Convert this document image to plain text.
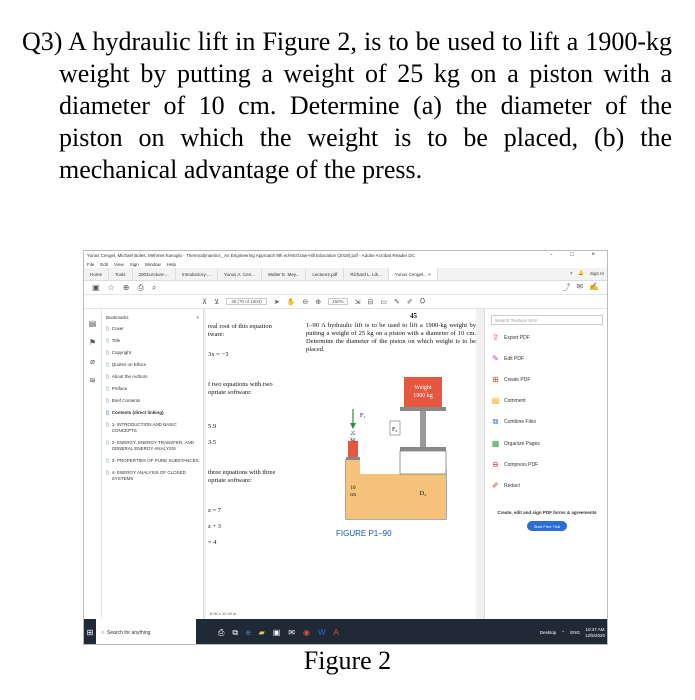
Q3) A hydraulic lift in Figure 2, is to be used to lift a 1900-kg weight by putting a weight of 25 kg on a piston with a diameter of 10 cm. Determine (a) the diameter of the piston on which the weight is to be placed, (b) the mechanical advantage of the press.

Yunus Cengel, Michael Boles, Mehmet Kanoglu - Thermodynamics_ An Engineering Approach 9th ed-McGraw-Hill Education (2018).pdf - Adobe Acrobat Reader DC	- □ ×
File Edit View Sign Window Help
Home	Tools	2002Lecture-...	Introductory-...	Yunus A. Cen...	Walter E. Mey...	Lecture2.pdf	Richard L. Lib...	Yunus Cengel... ×	? 🔔 Sign In
▣ ☆ ⊕ ⎙ ⌕	⤴ ✉ ✍
⊼ ⊻	45 (70 of 1004)	➤ ✋ ⊖ ⊕	150%	⇲ ⊟ ▭ ✎ ✐ ⛭
▤
⚑
⌀
≋
Bookmarks	×
▯ Cover
▯ Title
▯ Copyright
▯ Quotes on Ethics
▯ About the Authors
▯ Preface
▯ Brief Contents
▯ Contents (direct linking)
▯ 1- INTRODUCTION AND BASIC CONCEPTS
▯ 2- ENERGY, ENERGY TRANSFER, AND GENERAL ENERGY ANALYSIS
▯ 3- PROPERTIES OF PURE SUBSTANCES
▯ 4- ENERGY ANALYSIS OF CLOSED SYSTEMS
45
real root of this equation
tware:
3x = −3
f two equations with two
opriate software:
5.9
3.5
three equations with three
opriate software:
z = 7
z + 3
= 4

1–90 A hydraulic lift is to be used to lift a 1900-kg weight by putting a weight of 25 kg on a piston with a diameter of 10 cm. Determine the diameter of the piston on which weight is to be placed.

Weight
1900 kg
F₁
25
kg
F₂
10
cm	D₂
FIGURE P1–90
8.00 x 10.00 in
Search 'Reduce Size'
⇪ Export PDF
✎ Edit PDF
⊞ Create PDF
▤ Comment
⧉	Combine Files
▦ Organize Pages
⊖ Compress PDF
✐ Redact

Create, edit and sign PDF forms & agreements

Start Free Trial
⊞	○ Search for anything	⎙ ⧉ e ▰ ▣ ✉ ◉ W A	Desktop ⌃ ENG
10:47 AM
12/5/2020
Figure 2
